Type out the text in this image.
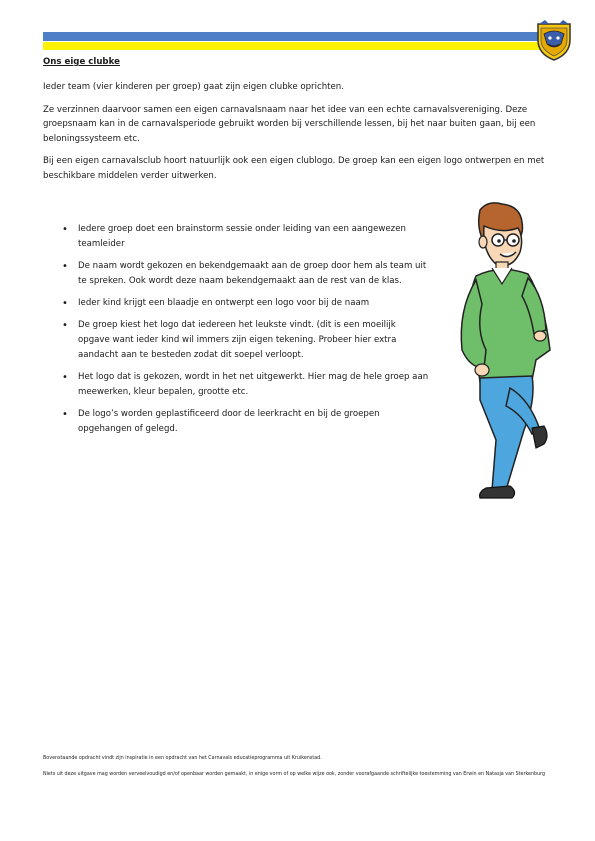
Ons eige clubke

Ieder team (vier kinderen per groep) gaat zijn eigen clubke oprichten.

Ze verzinnen daarvoor samen een eigen carnavalsnaam naar het idee van een echte carnavalsvereniging. Deze groepsnaam kan in de carnavalsperiode gebruikt worden bij verschillende lessen, bij het naar buiten gaan, bij een beloningssysteem etc.

Bij een eigen carnavalsclub hoort natuurlijk ook een eigen clublogo. De groep kan een eigen logo ontwerpen en met beschikbare middelen verder uitwerken.

• Iedere groep doet een brainstorm sessie onder leiding van een aangewezen teamleider
• De naam wordt gekozen en bekendgemaakt aan de groep door hem als team uit te spreken. Ook wordt deze naam bekendgemaakt aan de rest van de klas.
• Ieder kind krijgt een blaadje en ontwerpt een logo voor bij de naam
• De groep kiest het logo dat iedereen het leukste vindt. (dit is een moeilijk opgave want ieder kind wil immers zijn eigen tekening. Probeer hier extra aandacht aan te besteden zodat dit soepel verloopt.
• Het logo dat is gekozen, wordt in het net uitgewerkt. Hier mag de hele groep aan meewerken, kleur bepalen, grootte etc.
• De logo’s worden geplastificeerd door de leerkracht en bij de groepen opgehangen of gelegd.

Bovenstaande opdracht vindt zijn inspiratie in een opdracht van het Carnavals educatieprogramma uit Kruikenstad.

Niets uit deze uitgave mag worden verveelvoudigd en/of openbaar worden gemaakt, in enige vorm of op welke wijze ook, zonder voorafgaande schriftelijke toestemming van Erwin en Natasja van Sterkenburg
